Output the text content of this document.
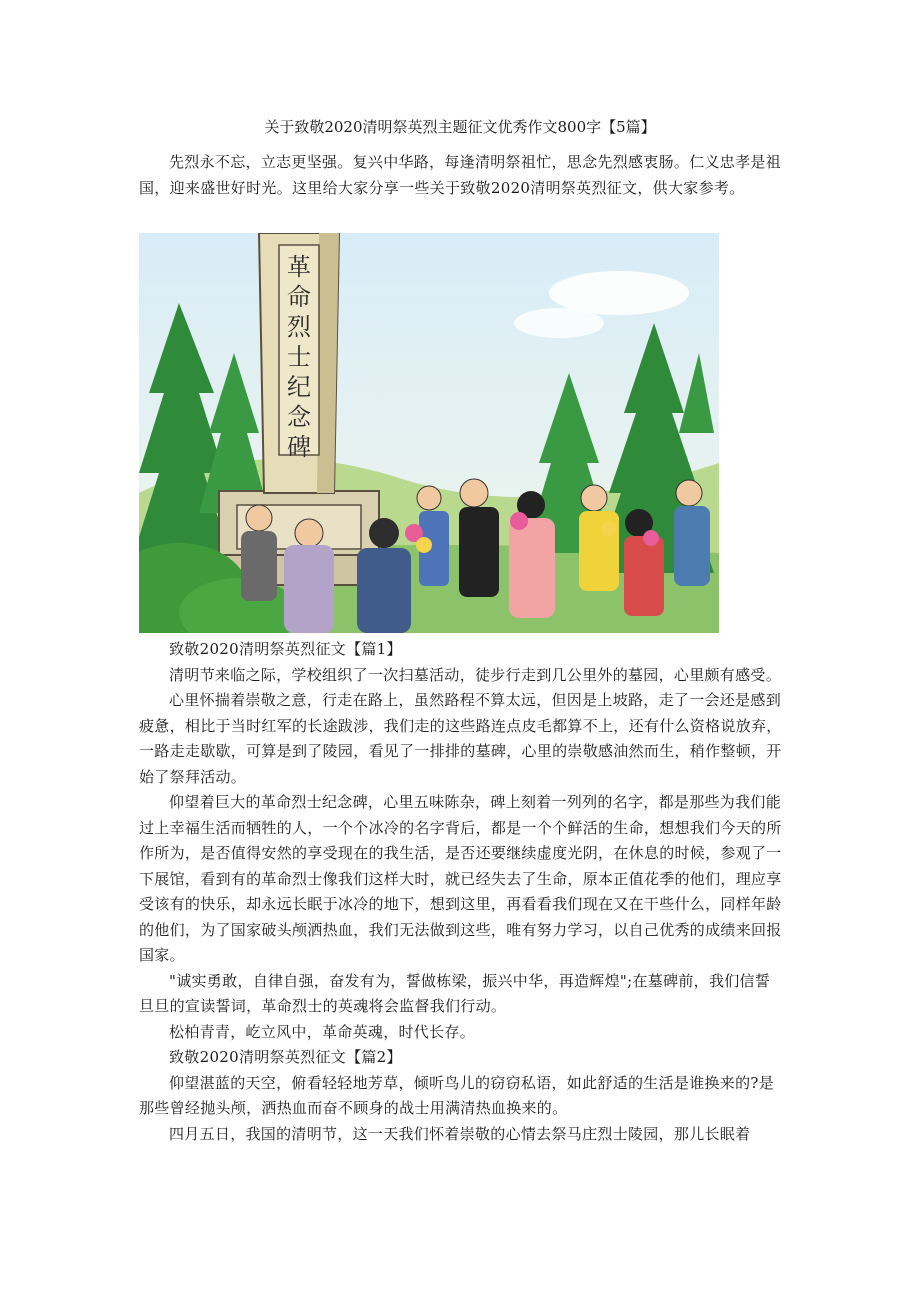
关于致敬2020清明祭英烈主题征文优秀作文800字【5篇】

先烈永不忘，立志更坚强。复兴中华路，每逢清明祭祖忙，思念先烈感衷肠。仁义忠孝是祖国，迎来盛世好时光。这里给大家分享一些关于致敬2020清明祭英烈征文，供大家参考。

革
命
烈
士
纪
念
碑

致敬2020清明祭英烈征文【篇1】

清明节来临之际，学校组织了一次扫墓活动，徒步行走到几公里外的墓园，心里颇有感受。

心里怀揣着崇敬之意，行走在路上，虽然路程不算太远，但因是上坡路，走了一会还是感到疲惫，相比于当时红军的长途跋涉，我们走的这些路连点皮毛都算不上，还有什么资格说放弃，一路走走歇歇，可算是到了陵园，看见了一排排的墓碑，心里的崇敬感油然而生，稍作整顿，开始了祭拜活动。

仰望着巨大的革命烈士纪念碑，心里五味陈杂，碑上刻着一列列的名字，都是那些为我们能过上幸福生活而牺牲的人，一个个冰冷的名字背后，都是一个个鲜活的生命，想想我们今天的所作所为，是否值得安然的享受现在的我生活，是否还要继续虚度光阴，在休息的时候，参观了一下展馆，看到有的革命烈士像我们这样大时，就已经失去了生命，原本正值花季的他们，理应享受该有的快乐，却永远长眠于冰冷的地下，想到这里，再看看我们现在又在干些什么，同样年龄的他们，为了国家破头颅洒热血，我们无法做到这些，唯有努力学习，以自己优秀的成绩来回报国家。

"诚实勇敢，自律自强，奋发有为，誓做栋梁，振兴中华，再造辉煌";在墓碑前，我们信誓旦旦的宣读誓词，革命烈士的英魂将会监督我们行动。

松柏青青，屹立风中，革命英魂，时代长存。

致敬2020清明祭英烈征文【篇2】

仰望湛蓝的天空，俯看轻轻地芳草，倾听鸟儿的窃窃私语，如此舒适的生活是谁换来的?是那些曾经抛头颅，洒热血而奋不顾身的战士用满清热血换来的。

四月五日，我国的清明节，这一天我们怀着崇敬的心情去祭马庄烈士陵园，那儿长眠着
